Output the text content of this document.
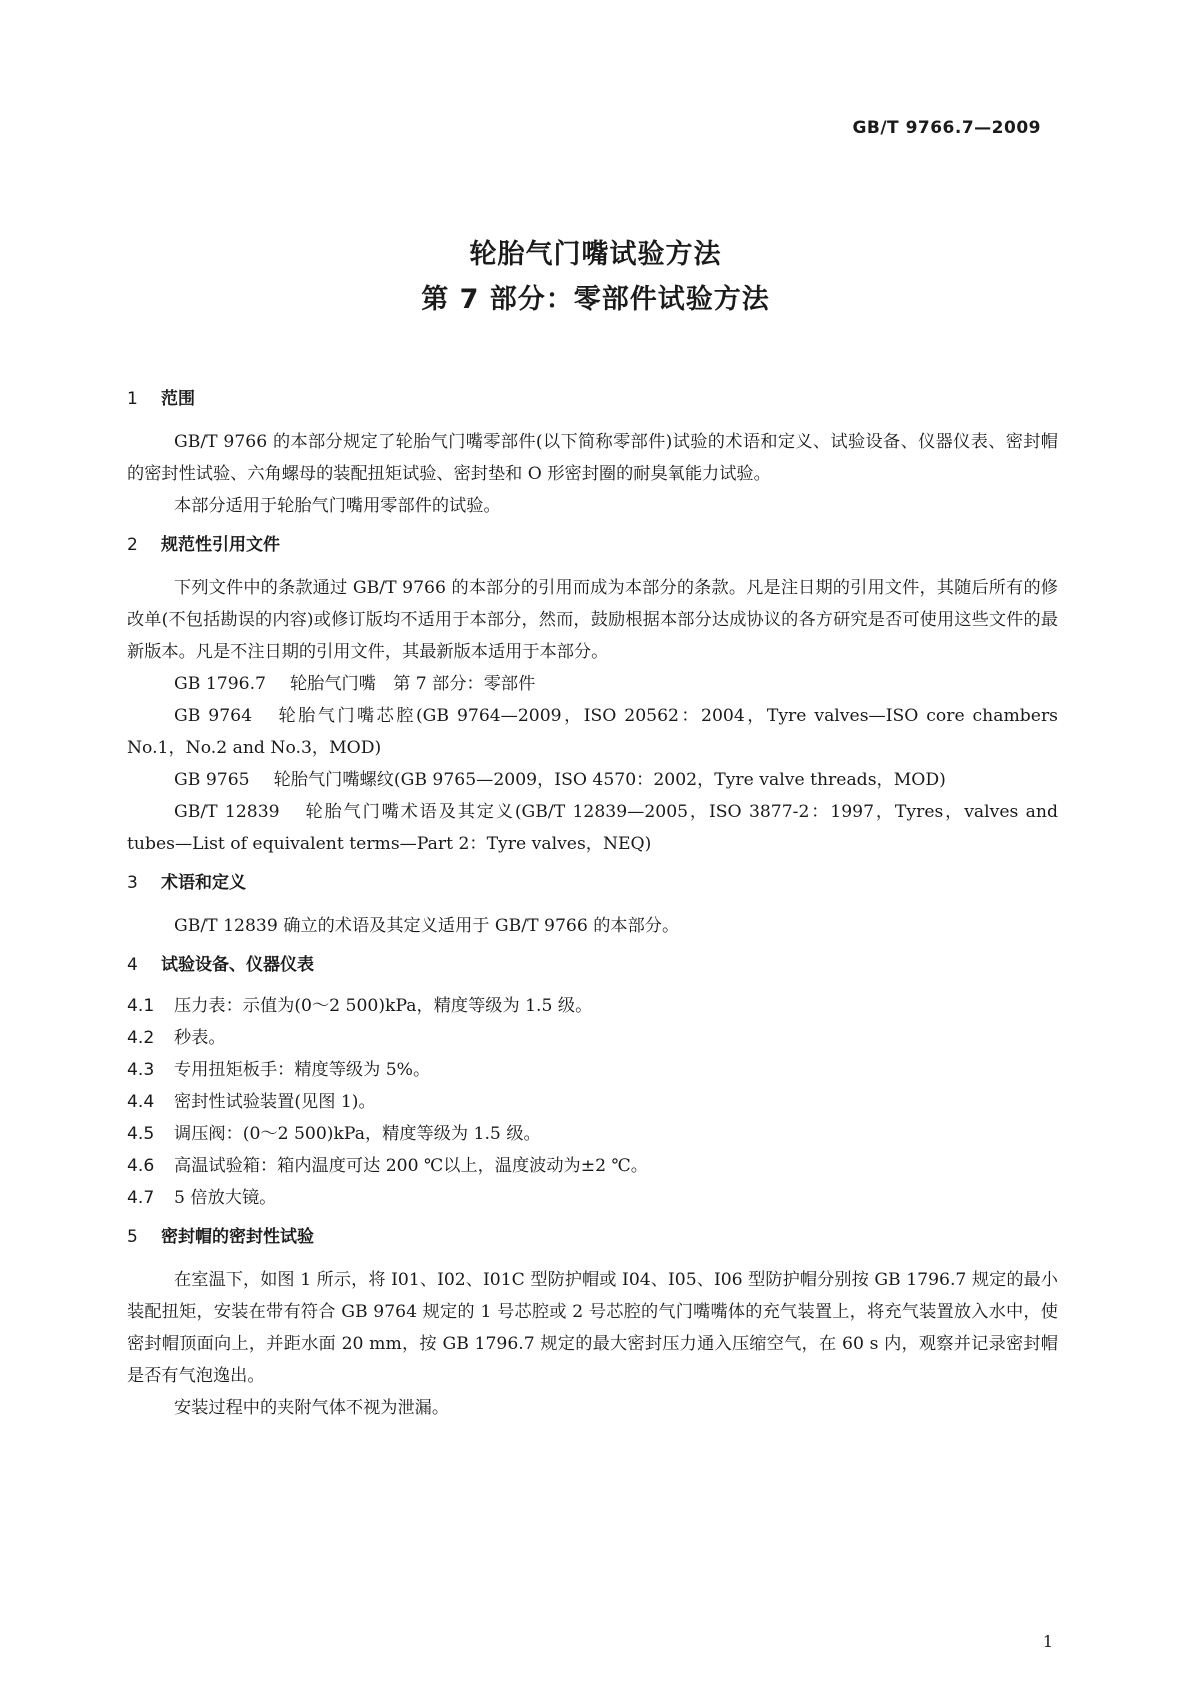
GB/T 9766.7—2009
轮胎气门嘴试验方法
第 7 部分：零部件试验方法
1 范围

GB/T 9766 的本部分规定了轮胎气门嘴零部件(以下简称零部件)试验的术语和定义、试验设备、仪器仪表、密封帽的密封性试验、六角螺母的装配扭矩试验、密封垫和 O 形密封圈的耐臭氧能力试验。

本部分适用于轮胎气门嘴用零部件的试验。

2 规范性引用文件

下列文件中的条款通过 GB/T 9766 的本部分的引用而成为本部分的条款。凡是注日期的引用文件，其随后所有的修改单(不包括勘误的内容)或修订版均不适用于本部分，然而，鼓励根据本部分达成协议的各方研究是否可使用这些文件的最新版本。凡是不注日期的引用文件，其最新版本适用于本部分。

GB 1796.7 轮胎气门嘴　第 7 部分：零部件

GB 9764 轮胎气门嘴芯腔(GB 9764—2009，ISO 20562：2004，Tyre valves—ISO core chambers No.1，No.2 and No.3，MOD)

GB 9765 轮胎气门嘴螺纹(GB 9765—2009，ISO 4570：2002，Tyre valve threads，MOD)

GB/T 12839 轮胎气门嘴术语及其定义(GB/T 12839—2005，ISO 3877-2：1997，Tyres，valves and tubes—List of equivalent terms—Part 2：Tyre valves，NEQ)

3 术语和定义

GB/T 12839 确立的术语及其定义适用于 GB/T 9766 的本部分。

4 试验设备、仪器仪表

4.1 压力表：示值为(0～2 500)kPa，精度等级为 1.5 级。

4.2 秒表。

4.3 专用扭矩板手：精度等级为 5%。

4.4 密封性试验装置(见图 1)。

4.5 调压阀：(0～2 500)kPa，精度等级为 1.5 级。

4.6 高温试验箱：箱内温度可达 200 ℃以上，温度波动为±2 ℃。

4.7 5 倍放大镜。

5 密封帽的密封性试验

在室温下，如图 1 所示，将 I01、I02、I01C 型防护帽或 I04、I05、I06 型防护帽分别按 GB 1796.7 规定的最小装配扭矩，安装在带有符合 GB 9764 规定的 1 号芯腔或 2 号芯腔的气门嘴嘴体的充气装置上，将充气装置放入水中，使密封帽顶面向上，并距水面 20 mm，按 GB 1796.7 规定的最大密封压力通入压缩空气，在 60 s 内，观察并记录密封帽是否有气泡逸出。

安装过程中的夹附气体不视为泄漏。

1
